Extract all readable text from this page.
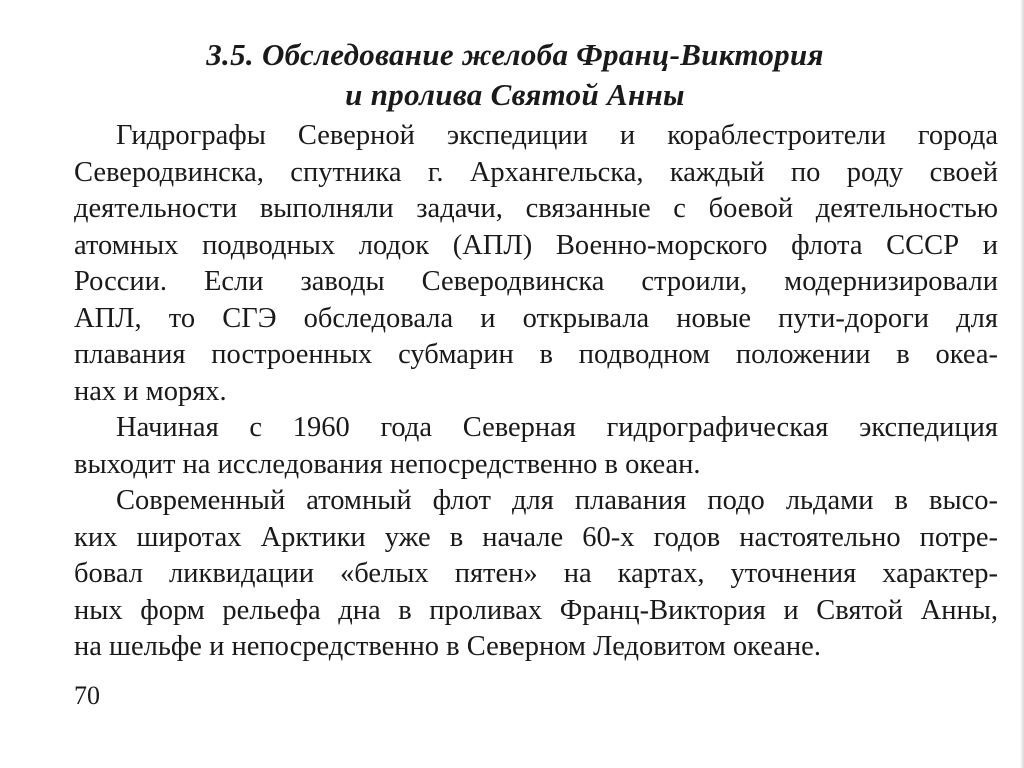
3.5. Обследование желоба Франц-Виктория
и пролива Святой Анны
Гидрографы Северной экспедиции и кораблестроители города
Северодвинска, спутника г. Архангельска, каждый по роду своей
деятельности выполняли задачи, связанные с боевой деятельностью
атомных подводных лодок (АПЛ) Военно-морского флота СССР и
России. Если заводы Северодвинска строили, модернизировали
АПЛ, то СГЭ обследовала и открывала новые пути-дороги для
плавания построенных субмарин в подводном положении в океа-
нах и морях.
Начиная с 1960 года Северная гидрографическая экспедиция
выходит на исследования непосредственно в океан.
Современный атомный флот для плавания подо льдами в высо-
ких широтах Арктики уже в начале 60-х годов настоятельно потре-
бовал ликвидации «белых пятен» на картах, уточнения характер-
ных форм рельефа дна в проливах Франц-Виктория и Святой Анны,
на шельфе и непосредственно в Северном Ледовитом океане.
70
